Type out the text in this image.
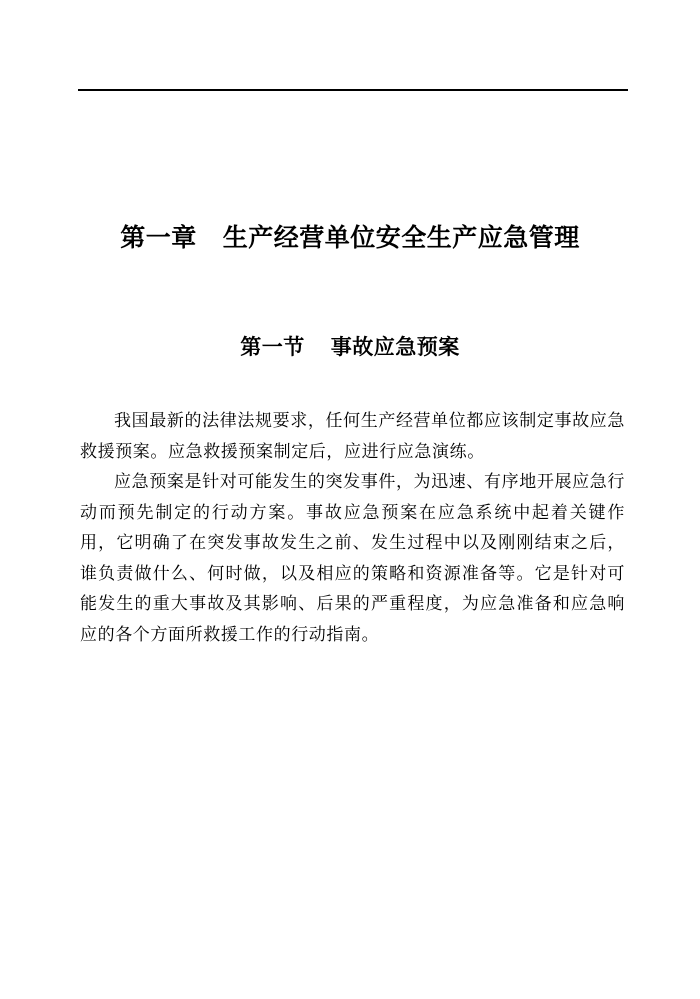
第一章 生产经营单位安全生产应急管理
第一节 事故应急预案

我国最新的法律法规要求，任何生产经营单位都应该制定事故应急救援预案。应急救援预案制定后，应进行应急演练。

应急预案是针对可能发生的突发事件，为迅速、有序地开展应急行动而预先制定的行动方案。事故应急预案在应急系统中起着关键作用，它明确了在突发事故发生之前、发生过程中以及刚刚结束之后，谁负责做什么、何时做，以及相应的策略和资源准备等。它是针对可能发生的重大事故及其影响、后果的严重程度，为应急准备和应急响应的各个方面所救援工作的行动指南。
